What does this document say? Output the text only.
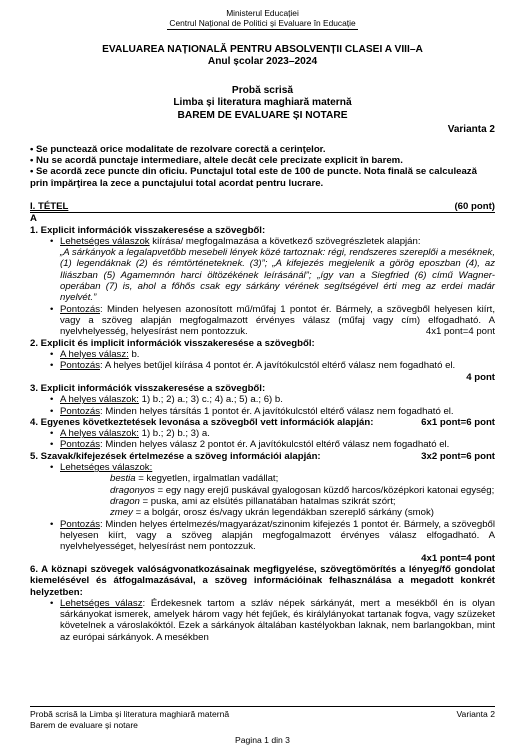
Ministerul Educației
Centrul Național de Politici și Evaluare în Educație
EVALUAREA NAȚIONALĂ PENTRU ABSOLVENȚII CLASEI A VIII–A
Anul școlar 2023–2024
Probă scrisă
Limba și literatura maghiară maternă
BAREM DE EVALUARE ȘI NOTARE
Varianta 2

• Se punctează orice modalitate de rezolvare corectă a cerinţelor.

• Nu se acordă punctaje intermediare, altele decât cele precizate explicit în barem.

• Se acordă zece puncte din oficiu. Punctajul total este de 100 de puncte. Nota finală se calculează prin împărţirea la zece a punctajului total acordat pentru lucrare.

I. TÉTEL	(60 pont)
A
1. Explicit információk visszakeresése a szövegből:
• Lehetséges válaszok kiírása/ megfogalmazása a következő szövegrészletek alapján:
„A sárkányok a legalapvetőbb mesebeli lények közé tartoznak: régi, rendszeres szereplői a meséknek, (1) legendáknak (2) és rémtörténeteknek. (3)”; „A kifejezés megjelenik a görög eposzban (4), az Iliászban (5) Agamemnón harci öltözékének leírásánál”; „így van a Siegfried (6) című Wagner-operában (7) is, ahol a főhős csak egy sárkány vérének segítségével érti meg az erdei madár nyelvét.”
• Pontozás: Minden helyesen azonosított mű/műfaj 1 pontot ér. Bármely, a szövegből helyesen kiírt, vagy a szöveg alapján megfogalmazott érvényes válasz (műfaj vagy cím) elfogadható. A nyelvhelyesség, helyesírást nem pontozzuk.	4x1 pont=4 pont
2. Explicit és implicit információk visszakeresése a szövegből:
• A helyes válasz: b.
• Pontozás: A helyes betűjel kiírása 4 pontot ér. A javítókulcstól eltérő válasz nem fogadható el.
4 pont
3. Explicit információk visszakeresése a szövegből:
• A helyes válaszok: 1) b.; 2) a.; 3) c.; 4) a.; 5) a.; 6) b.
• Pontozás: Minden helyes társítás 1 pontot ér. A javítókulcstól eltérő válasz nem fogadható el.
6x1 pont=6 pont
4. Egyenes következtetések levonása a szövegből vett információk alapján:
• A helyes válaszok: 1) b.; 2) b.; 3) a.
• Pontozás: Minden helyes válasz 2 pontot ér. A javítókulcstól eltérő válasz nem fogadható el.
3x2 pont=6 pont
5. Szavak/kifejezések értelmezése a szöveg információi alapján:
• Lehetséges válaszok:
bestia = kegyetlen, irgalmatlan vadállat;
dragonyos = egy nagy erejű puskával gyalogosan küzdő harcos/középkori katonai egység;
dragon = puska, ami az elsütés pillanatában hatalmas szikrát szórt;
zmey = a bolgár, orosz és/vagy ukrán legendákban szereplő sárkány (smok)
• Pontozás: Minden helyes értelmezés/magyarázat/szinonim kifejezés 1 pontot ér. Bármely, a szövegből helyesen kiírt, vagy a szöveg alapján megfogalmazott érvényes válasz elfogadható. A nyelvhelyességet, helyesírást nem pontozzuk.
4x1 pont=4 pont
6. A köznapi szövegek valóságvonatkozásainak megfigyelése, szövegtömörítés a lényeg/fő gondolat kiemelésével és átfogalmazásával, a szöveg információinak felhasználása a megadott konkrét helyzetben:
• Lehetséges válasz: Érdekesnek tartom a szláv népek sárkányát, mert a mesékből én is olyan sárkányokat ismerek, amelyek három vagy hét fejűek, és királylányokat tartanak fogva, vagy szüzeket követelnek a városlakóktól. Ezek a sárkányok általában kastélyokban laknak, nem barlangokban, mint az európai sárkányok. A mesékben
Probă scrisă la Limba și literatura maghiară maternă
Barem de evaluare și notare
Varianta 2
Pagina 1 din 3
